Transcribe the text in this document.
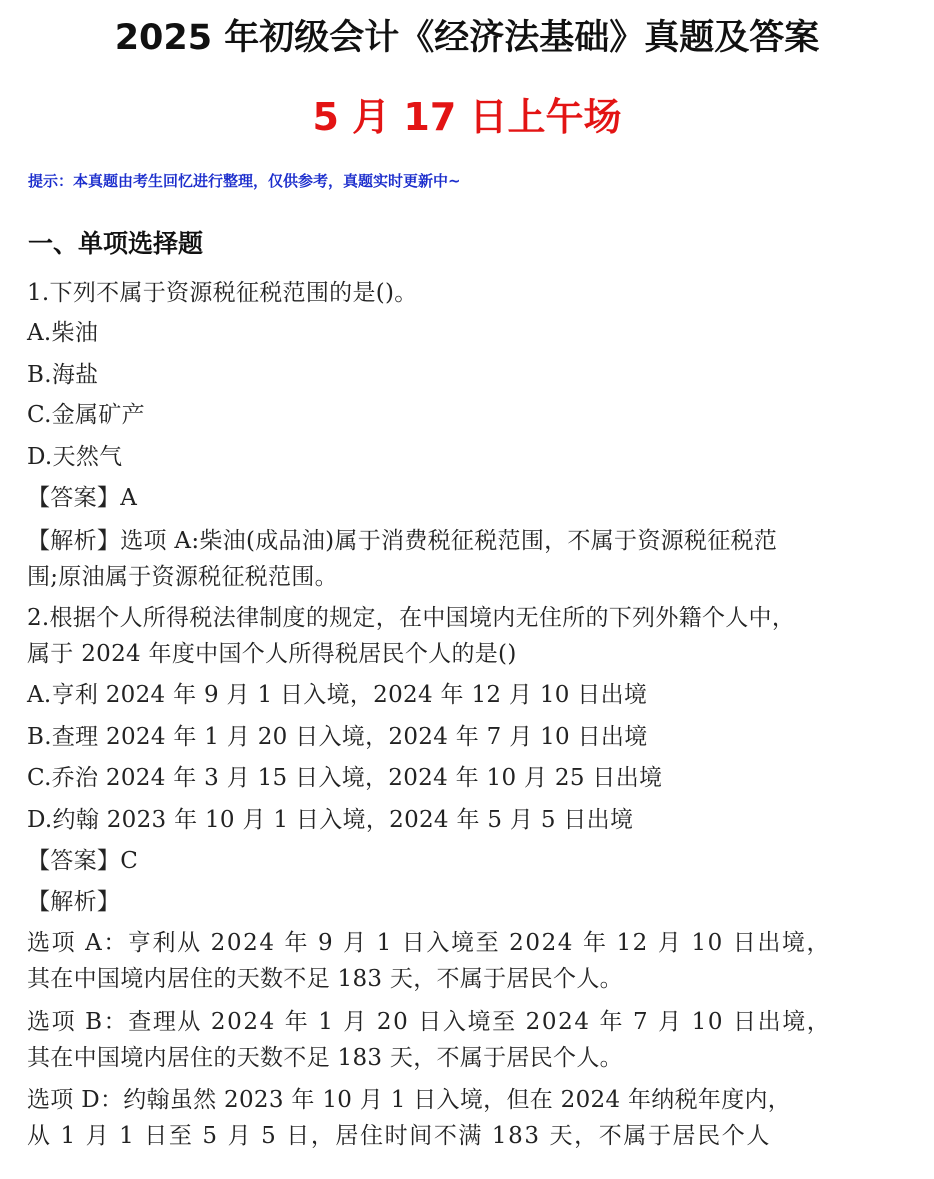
2025 年初级会计《经济法基础》真题及答案
5 月 17 日上午场
提示：本真题由考生回忆进行整理，仅供参考，真题实时更新中~
一、单项选择题
1.下列不属于资源税征税范围的是()。
A.柴油
B.海盐
C.金属矿产
D.天然气
【答案】A
【解析】选项 A:柴油(成品油)属于消费税征税范围，不属于资源税征税范
围;原油属于资源税征税范围。
2.根据个人所得税法律制度的规定，在中国境内无住所的下列外籍个人中，
属于 2024 年度中国个人所得税居民个人的是()
A.亨利 2024 年 9 月 1 日入境，2024 年 12 月 10 日出境
B.查理 2024 年 1 月 20 日入境，2024 年 7 月 10 日出境
C.乔治 2024 年 3 月 15 日入境，2024 年 10 月 25 日出境
D.约翰 2023 年 10 月 1 日入境，2024 年 5 月 5 日出境
【答案】C
【解析】
选项 A：亨利从 2024 年 9 月 1 日入境至 2024 年 12 月 10 日出境，
其在中国境内居住的天数不足 183 天，不属于居民个人。
选项 B：查理从 2024 年 1 月 20 日入境至 2024 年 7 月 10 日出境，
其在中国境内居住的天数不足 183 天，不属于居民个人。
选项 D：约翰虽然 2023 年 10 月 1 日入境，但在 2024 年纳税年度内，
从 1 月 1 日至 5 月 5 日，居住时间不满 183 天，不属于居民个人
